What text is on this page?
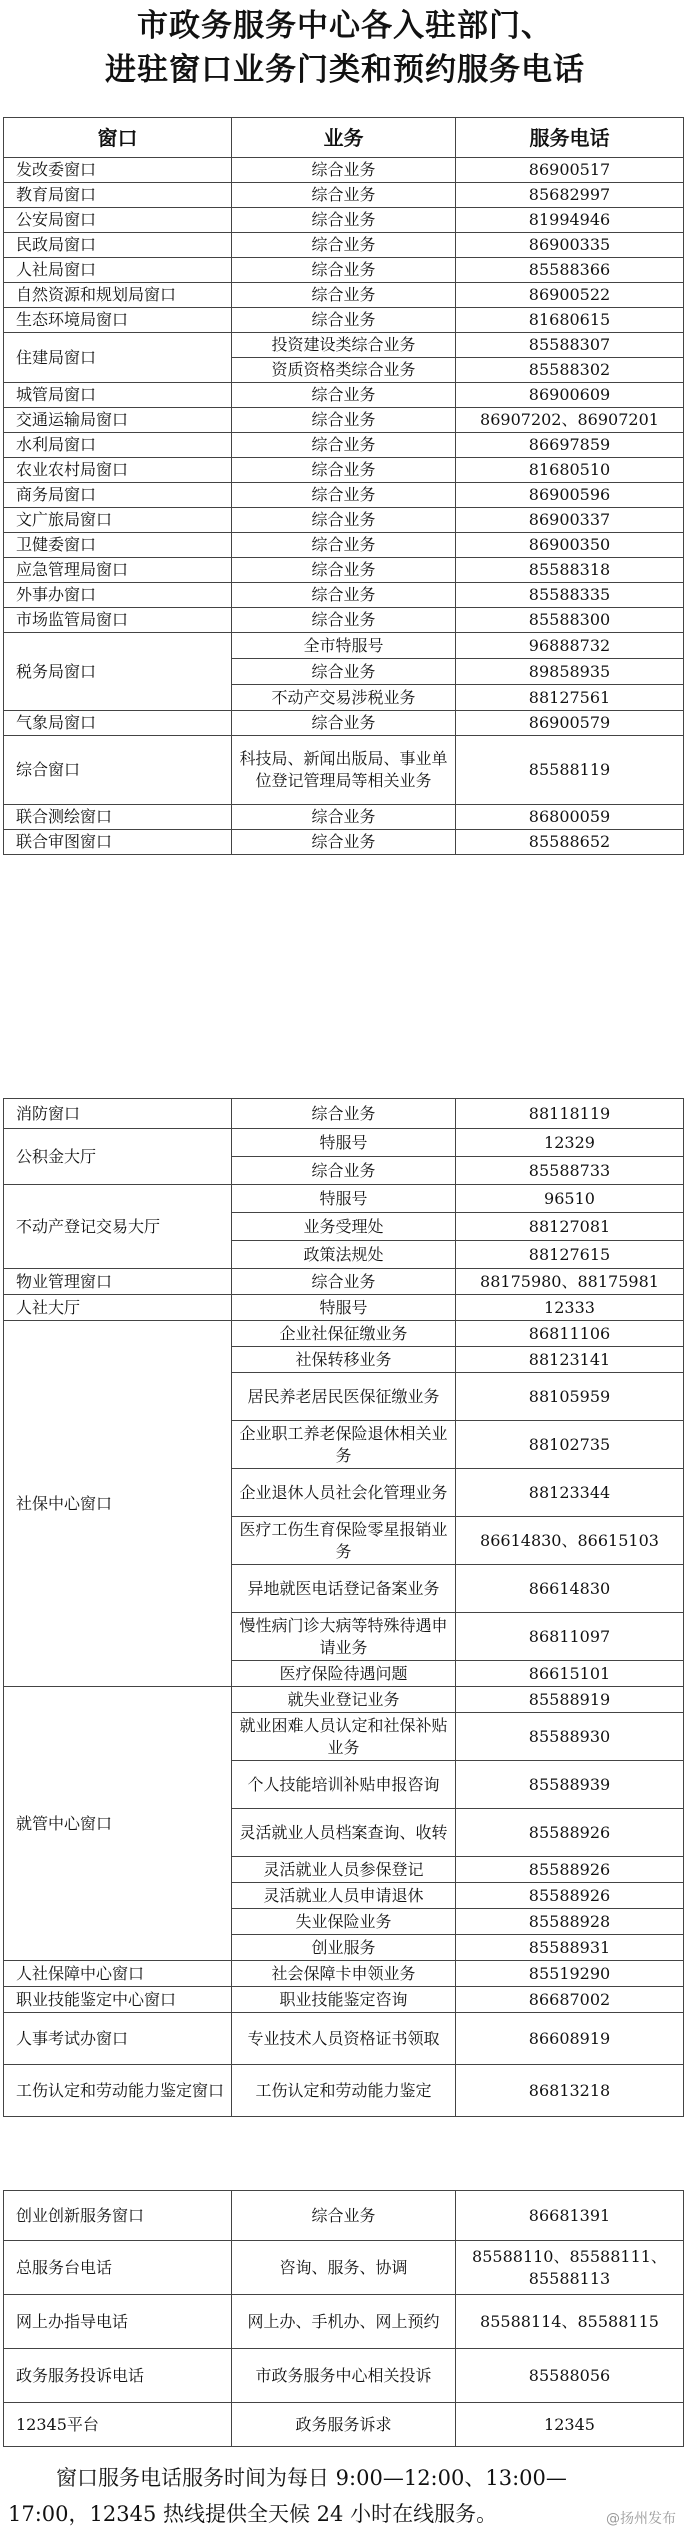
市政务服务中心各入驻部门、
进驻窗口业务门类和预约服务电话
窗口	业务	服务电话
发改委窗口	综合业务	86900517
教育局窗口	综合业务	85682997
公安局窗口	综合业务	81994946
民政局窗口	综合业务	86900335
人社局窗口	综合业务	85588366
自然资源和规划局窗口	综合业务	86900522
生态环境局窗口	综合业务	81680615
住建局窗口	投资建设类综合业务	85588307
	资质资格类综合业务	85588302
城管局窗口	综合业务	86900609
交通运输局窗口	综合业务	86907202、86907201
水利局窗口	综合业务	86697859
农业农村局窗口	综合业务	81680510
商务局窗口	综合业务	86900596
文广旅局窗口	综合业务	86900337
卫健委窗口	综合业务	86900350
应急管理局窗口	综合业务	85588318
外事办窗口	综合业务	85588335
市场监管局窗口	综合业务	85588300
税务局窗口	全市特服号	96888732
	综合业务	89858935
	不动产交易涉税业务	88127561
气象局窗口	综合业务	86900579
综合窗口	科技局、新闻出版局、事业单位登记管理局等相关业务	85588119
联合测绘窗口	综合业务	86800059
联合审图窗口	综合业务	85588652
消防窗口	综合业务	88118119
公积金大厅	特服号	12329
	综合业务	85588733
不动产登记交易大厅	特服号	96510
	业务受理处	88127081
	政策法规处	88127615
物业管理窗口	综合业务	88175980、88175981
人社大厅	特服号	12333
社保中心窗口	企业社保征缴业务	86811106
	社保转移业务	88123141
	居民养老居民医保征缴业务	88105959
	企业职工养老保险退休相关业务	88102735
	企业退休人员社会化管理业务	88123344
	医疗工伤生育保险零星报销业务	86614830、86615103
	异地就医电话登记备案业务	86614830
	慢性病门诊大病等特殊待遇申请业务	86811097
	医疗保险待遇问题	86615101
就管中心窗口	就失业登记业务	85588919
	就业困难人员认定和社保补贴业务	85588930
	个人技能培训补贴申报咨询	85588939
	灵活就业人员档案查询、收转	85588926
	灵活就业人员参保登记	85588926
	灵活就业人员申请退休	85588926
	失业保险业务	85588928
	创业服务	85588931
人社保障中心窗口	社会保障卡申领业务	85519290
职业技能鉴定中心窗口	职业技能鉴定咨询	86687002
人事考试办窗口	专业技术人员资格证书领取	86608919
工伤认定和劳动能力鉴定窗口	工伤认定和劳动能力鉴定	86813218
创业创新服务窗口	综合业务	86681391
总服务台电话	咨询、服务、协调	85588110、85588111、85588113
网上办指导电话	网上办、手机办、网上预约	85588114、85588115
政务服务投诉电话	市政务服务中心相关投诉	85588056
12345平台	政务服务诉求	12345
窗口服务电话服务时间为每日 9:00—12:00、13:00—
17:00，12345 热线提供全天候 24 小时在线服务。	@扬州发布
